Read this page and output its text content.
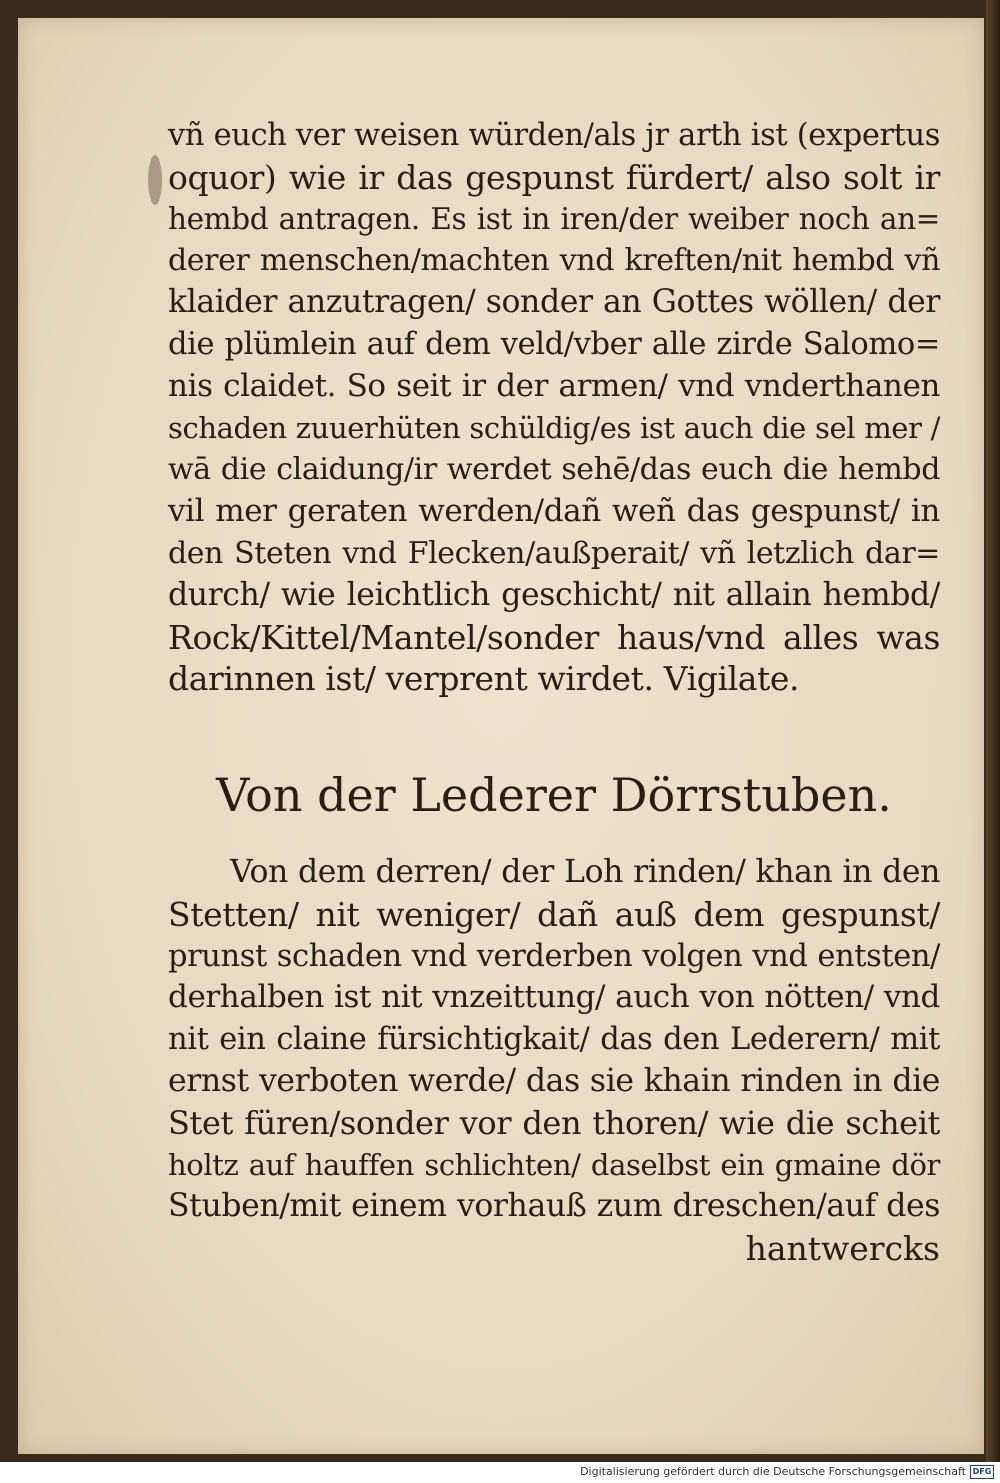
vñ euch ver weisen würden/als jr arth ist (expertus
oquor) wie ir das gespunst fürdert/ also solt ir
hembd antragen. Es ist in iren/der weiber noch an=
derer menschen/machten vnd kreften/nit hembd vñ
klaider anzutragen/ sonder an Gottes wöllen/ der
die plümlein auf dem veld/vber alle zirde Salomo=
nis claidet. So seit ir der armen/ vnd vnderthanen
schaden zuuerhüten schüldig/es ist auch die sel mer /
wā die claidung/ir werdet sehē/das euch die hembd
vil mer geraten werden/dañ weñ das gespunst/ in
den Steten vnd Flecken/außperait/ vñ letzlich dar=
durch/ wie leichtlich geschicht/ nit allain hembd/
Rock/Kittel/Mantel/sonder haus/vnd alles was
darinnen ist/ verprent wirdet. Vigilate.
Von der Lederer Dörrstuben.
Von dem derren/ der Loh rinden/ khan in den
Stetten/ nit weniger/ dañ auß dem gespunst/
prunst schaden vnd verderben volgen vnd entsten/
derhalben ist nit vnzeittung/ auch von nötten/ vnd
nit ein claine fürsichtigkait/ das den Lederern/ mit
ernst verboten werde/ das sie khain rinden in die
Stet füren/sonder vor den thoren/ wie die scheit
holtz auf hauffen schlichten/ daselbst ein gmaine dör
Stuben/mit einem vorhauß zum dreschen/auf des
hantwercks
Digitalisierung gefördert durch die Deutsche Forschungsgemeinschaft DFG
